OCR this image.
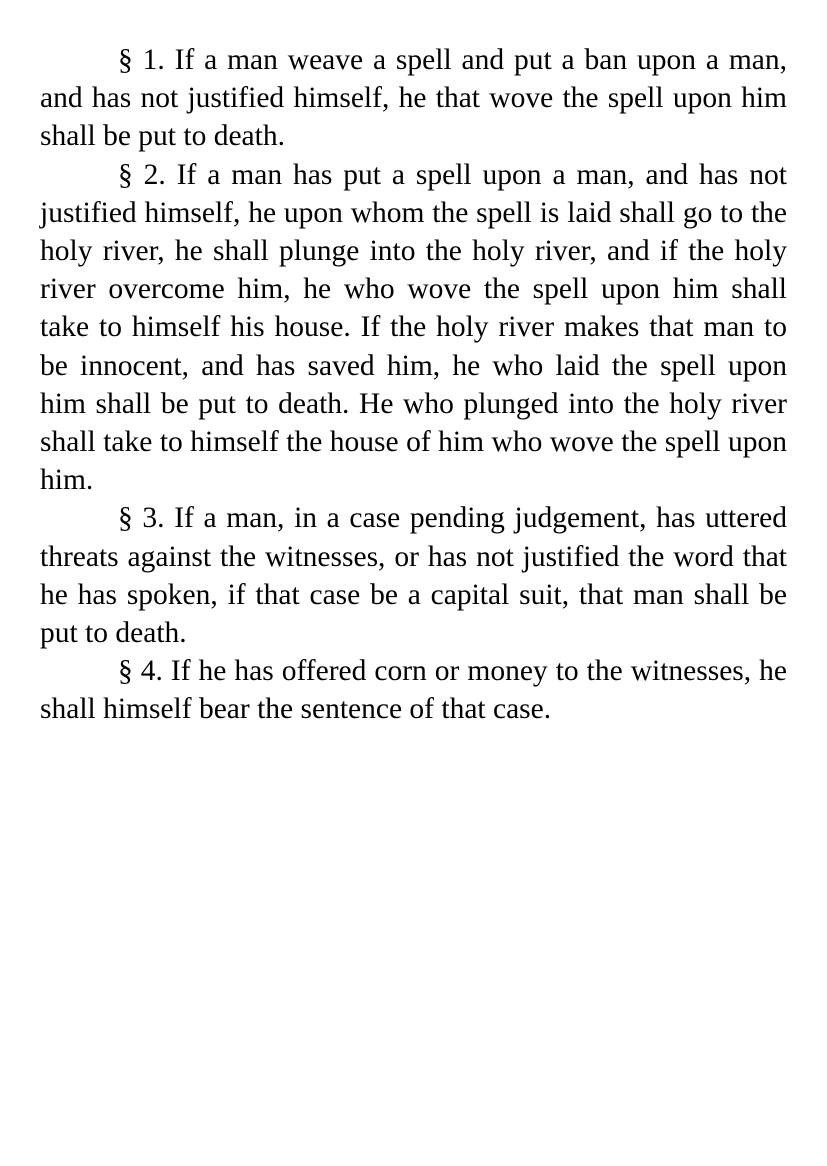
§ 1. If a man weave a spell and put a ban upon a man, and has not justified himself, he that wove the spell upon him shall be put to death.

§ 2. If a man has put a spell upon a man, and has not justified himself, he upon whom the spell is laid shall go to the holy river, he shall plunge into the holy river, and if the holy river overcome him, he who wove the spell upon him shall take to himself his house. If the holy river makes that man to be innocent, and has saved him, he who laid the spell upon him shall be put to death. He who plunged into the holy river shall take to himself the house of him who wove the spell upon him.

§ 3. If a man, in a case pending judgement, has uttered threats against the witnesses, or has not justified the word that he has spoken, if that case be a capital suit, that man shall be put to death.

§ 4. If he has offered corn or money to the witnesses, he shall himself bear the sentence of that case.
